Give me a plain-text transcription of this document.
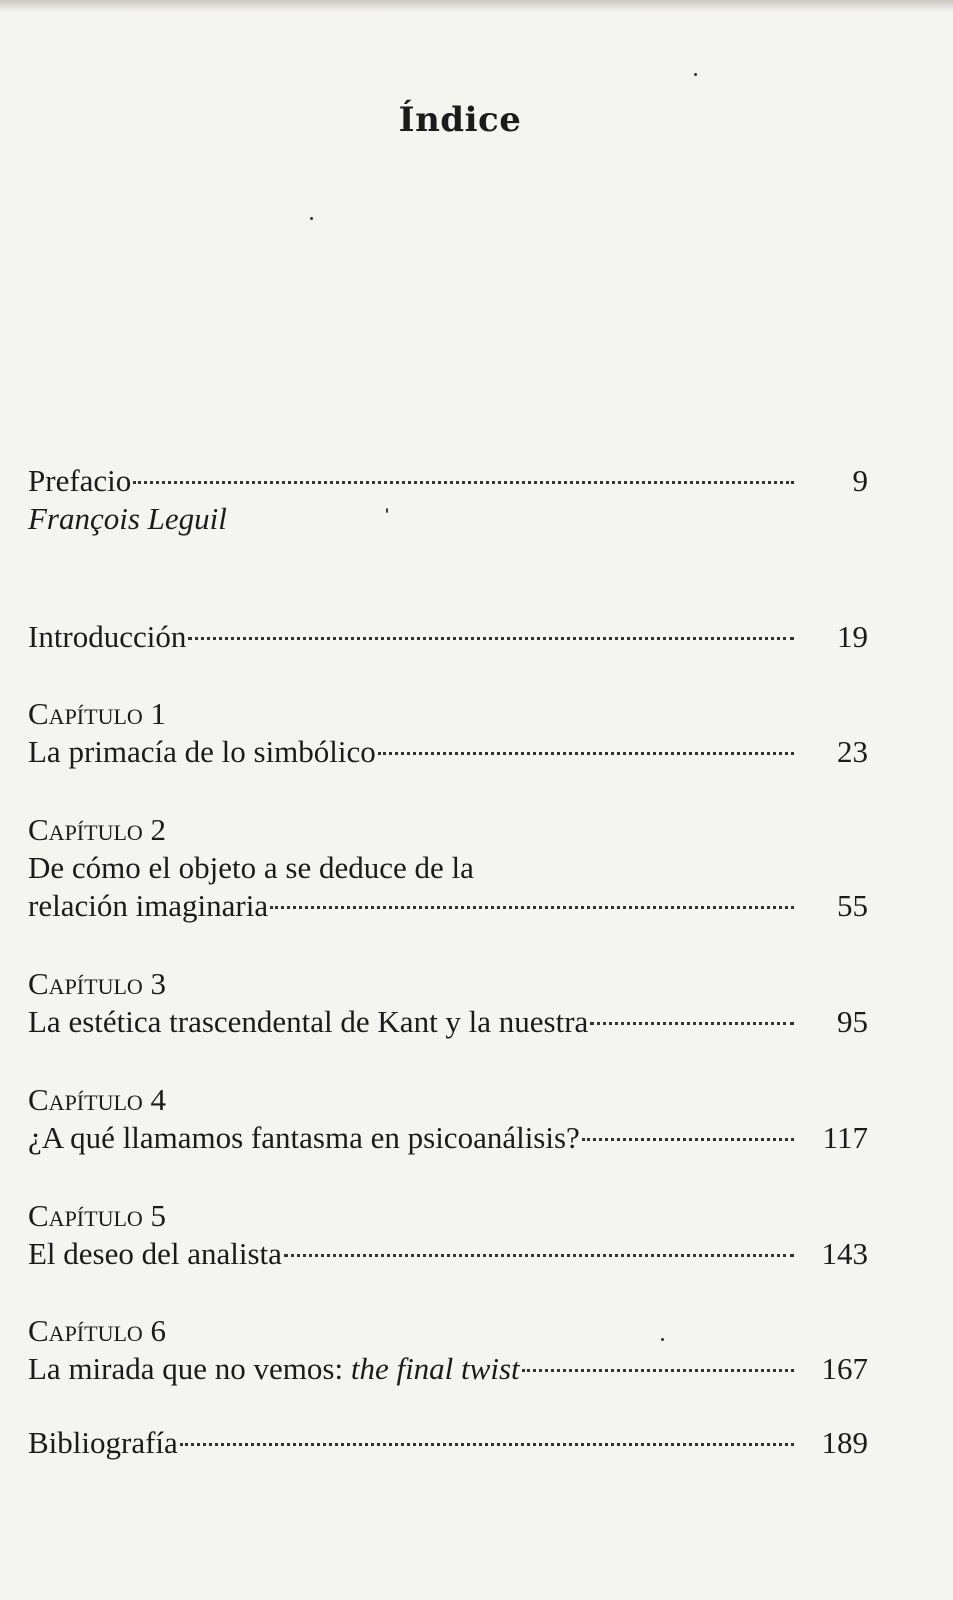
Índice
Prefacio	9
François Leguil
Introducción	19
Capítulo 1
La primacía de lo simbólico	23
Capítulo 2
De cómo el objeto a se deduce de la
relación imaginaria	55
Capítulo 3
La estética trascendental de Kant y la nuestra	95
Capítulo 4
¿A qué llamamos fantasma en psicoanálisis?	117
Capítulo 5
El deseo del analista	143
Capítulo 6
La mirada que no vemos: the final twist	167
Bibliografía	189
